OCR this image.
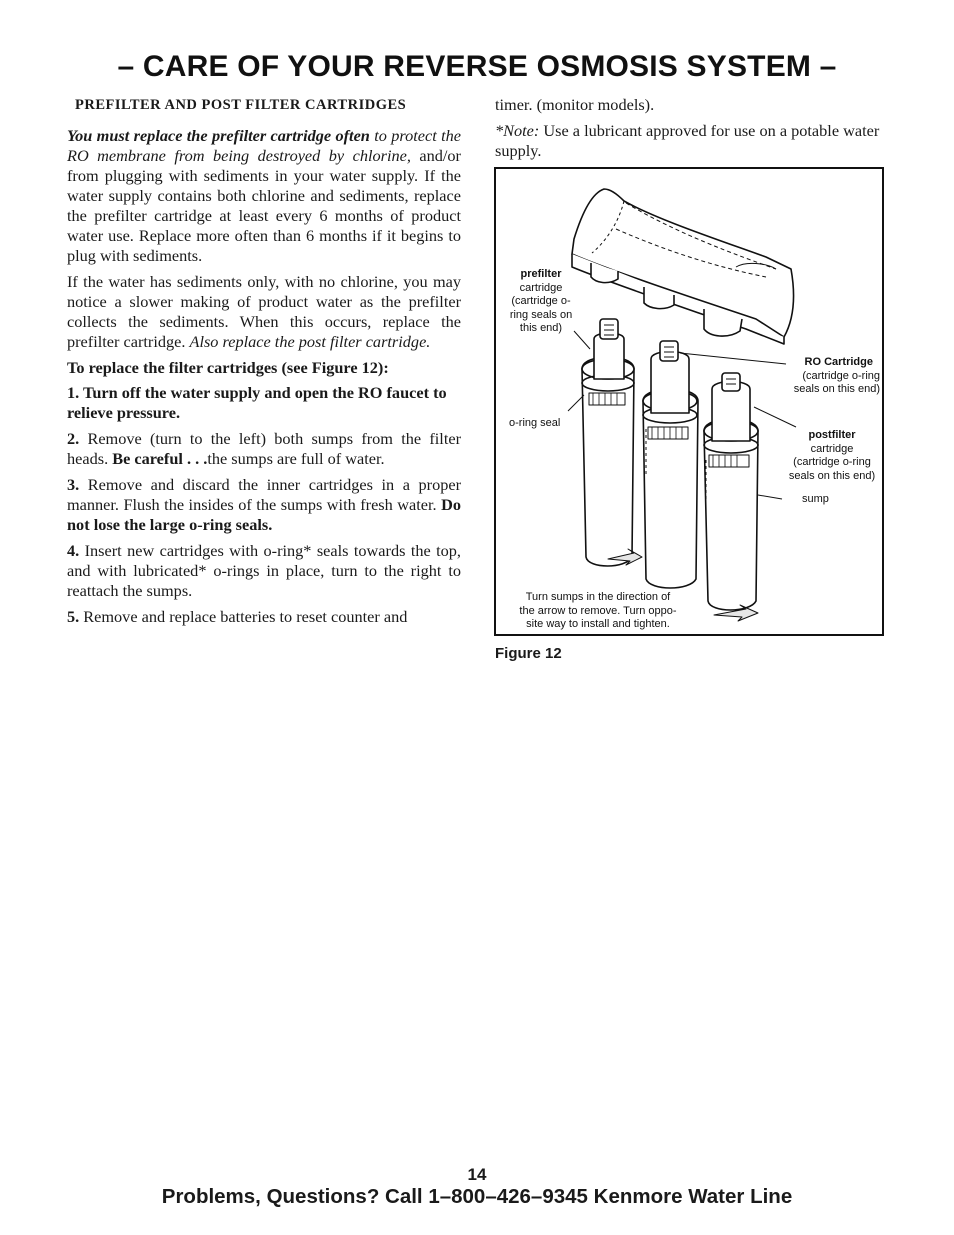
– CARE OF YOUR REVERSE OSMOSIS SYSTEM –
PREFILTER AND POST FILTER CARTRIDGES

You must replace the prefilter cartridge often to protect the RO membrane from being destroyed by chlorine, and/or from plugging with sediments in your water supply. If the water supply contains both chlorine and sediments, replace the prefilter cartridge at least every 6 months of product water use. Replace more often than 6 months if it begins to plug with sediments.

If the water has sediments only, with no chlorine, you may notice a slower making of product water as the prefilter collects the sediments. When this occurs, replace the prefilter cartridge. Also replace the post filter cartridge.

To replace the filter cartridges (see Figure 12):

1. Turn off the water supply and open the RO faucet to relieve pressure.

2. Remove (turn to the left) both sumps from the filter heads. Be careful . . .the sumps are full of water.

3. Remove and discard the inner cartridges in a proper manner. Flush the insides of the sumps with fresh water. Do not lose the large o-ring seals.

4. Insert new cartridges with o-ring* seals towards the top, and with lubricated* o-rings in place, turn to the right to reattach the sumps.

5. Remove and replace batteries to reset counter and

timer. (monitor models).

*Note: Use a lubricant approved for use on a potable water supply.

prefilter
cartridge
(cartridge o-
ring seals on
this end)
o-ring seal
RO Cartridge
(cartridge o-ring
seals on this end)
postfilter
cartridge
(cartridge o-ring
seals on this end)
sump
Turn sumps in the direction of
the arrow to remove. Turn oppo-
site way to install and tighten.
Figure 12
14
Problems, Questions? Call 1–800–426–9345 Kenmore Water Line
